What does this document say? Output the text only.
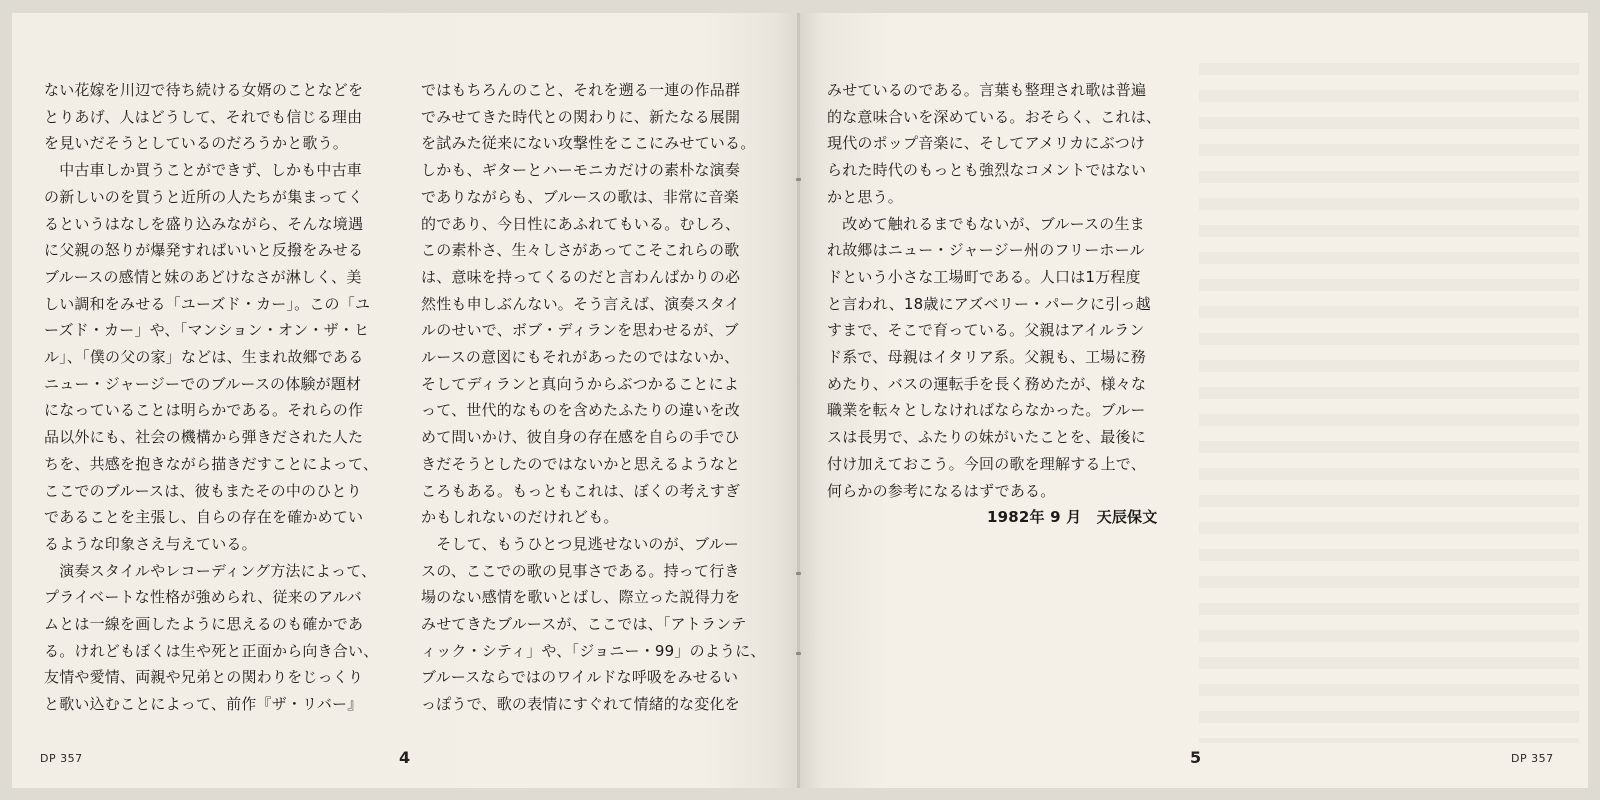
ない花嫁を川辺で待ち続ける女婿のことなどを
とりあげ、人はどうして、それでも信じる理由
を見いだそうとしているのだろうかと歌う。

　中古車しか買うことができず、しかも中古車
の新しいのを買うと近所の人たちが集まってく
るというはなしを盛り込みながら、そんな境遇
に父親の怒りが爆発すればいいと反撥をみせる
ブルースの感情と妹のあどけなさが淋しく、美
しい調和をみせる「ユーズド・カー」。この「ユ
ーズド・カー」や、「マンション・オン・ザ・ヒ
ル」、「僕の父の家」などは、生まれ故郷である
ニュー・ジャージーでのブルースの体験が題材
になっていることは明らかである。それらの作
品以外にも、社会の機構から弾きだされた人た
ちを、共感を抱きながら描きだすことによって、
ここでのブルースは、彼もまたその中のひとり
であることを主張し、自らの存在を確かめてい
るような印象さえ与えている。

　演奏スタイルやレコーディング方法によって、
プライベートな性格が強められ、従来のアルバ
ムとは一線を画したように思えるのも確かであ
る。けれどもぼくは生や死と正面から向き合い、
友情や愛情、両親や兄弟との関わりをじっくり
と歌い込むことによって、前作『ザ・リバー』

ではもちろんのこと、それを遡る一連の作品群
でみせてきた時代との関わりに、新たなる展開
を試みた従来にない攻撃性をここにみせている。
しかも、ギターとハーモニカだけの素朴な演奏
でありながらも、ブルースの歌は、非常に音楽
的であり、今日性にあふれてもいる。むしろ、
この素朴さ、生々しさがあってこそこれらの歌
は、意味を持ってくるのだと言わんばかりの必
然性も申しぶんない。そう言えば、演奏スタイ
ルのせいで、ボブ・ディランを思わせるが、ブ
ルースの意図にもそれがあったのではないか、
そしてディランと真向うからぶつかることによ
って、世代的なものを含めたふたりの違いを改
めて問いかけ、彼自身の存在感を自らの手でひ
きだそうとしたのではないかと思えるようなと
ころもある。もっともこれは、ぼくの考えすぎ
かもしれないのだけれども。

　そして、もうひとつ見逃せないのが、ブルー
スの、ここでの歌の見事さである。持って行き
場のない感情を歌いとばし、際立った説得力を
みせてきたブルースが、ここでは、「アトランテ
ィック・シティ」や、「ジョニー・99」のように、
ブルースならではのワイルドな呼吸をみせるい
っぽうで、歌の表情にすぐれて情緒的な変化を

DP 357	4

みせているのである。言葉も整理され歌は普遍
的な意味合いを深めている。おそらく、これは、
現代のポップ音楽に、そしてアメリカにぶつけ
られた時代のもっとも強烈なコメントではない
かと思う。

　改めて触れるまでもないが、ブルースの生ま
れ故郷はニュー・ジャージー州のフリーホール
ドという小さな工場町である。人口は1万程度
と言われ、18歳にアズベリー・パークに引っ越
すまで、そこで育っている。父親はアイルラン
ド系で、母親はイタリア系。父親も、工場に務
めたり、バスの運転手を長く務めたが、様々な
職業を転々としなければならなかった。ブルー
スは長男で、ふたりの妹がいたことを、最後に
付け加えておこう。今回の歌を理解する上で、
何らかの参考になるはずである。

1982年 9 月　天辰保文

5	DP 357
